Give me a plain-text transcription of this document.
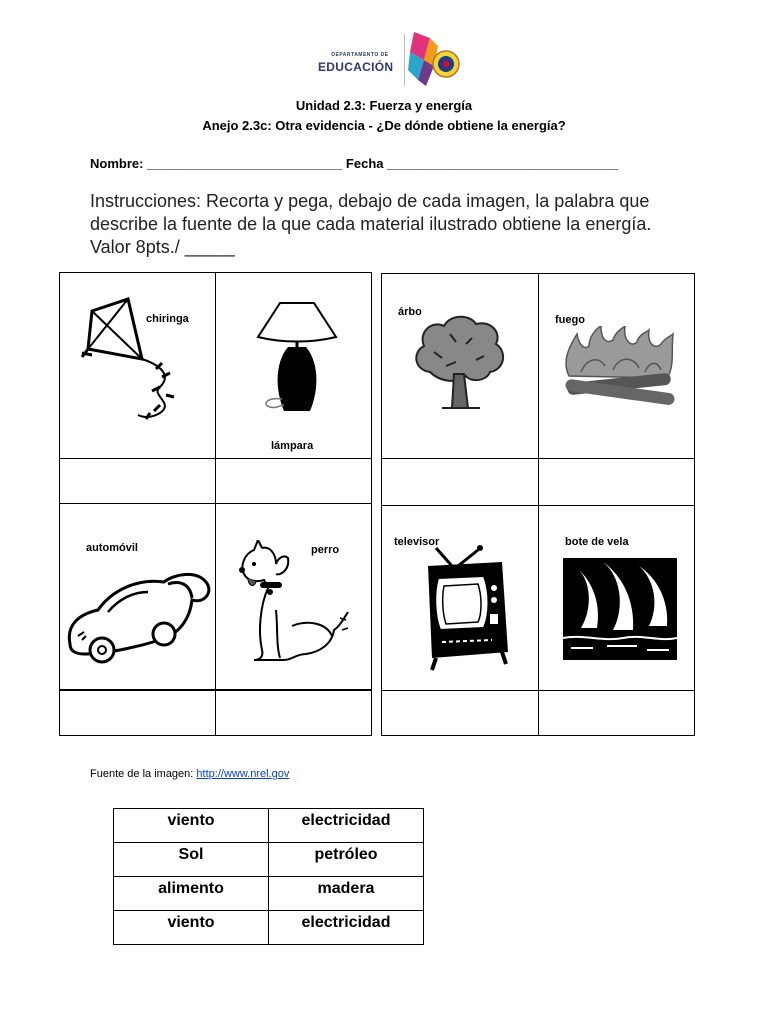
DEPARTAMENTO DE
EDUCACIÓN
Unidad 2.3: Fuerza y energía
Anejo 2.3c: Otra evidencia - ¿De dónde obtiene la energía?
Nombre: ___________________________ Fecha ________________________________
Instrucciones: Recorta y pega, debajo de cada imagen, la palabra que describe la fuente de la que cada material ilustrado obtiene la energía. Valor 8pts./ _____
chiringa
lámpara
automóvil	perro
árbo
fuego
televisor	bote de vela
Fuente de la imagen: http://www.nrel.gov
viento	electricidad
Sol	petróleo
alimento	madera
viento	electricidad
